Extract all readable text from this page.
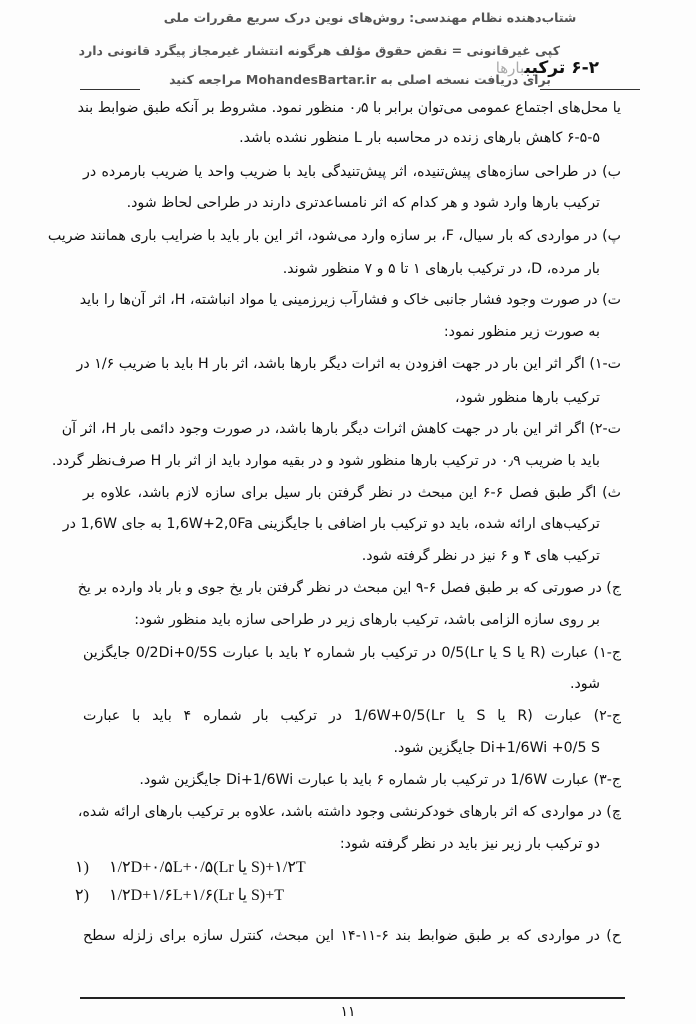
شتاب‌دهنده نظام مهندسی: روش‌های نوین درک سریع مقررات ملی
کپی غیرقانونی = نقض حقوق مؤلف هرگونه انتشار غیرمجاز پیگرد قانونی دارد
برای دریافت نسخه اصلی به MohandesBartar.ir مراجعه کنید
۶-۲ ترکیببارها
یا محل‌های اجتماع عمومی می‌توان برابر با ۰٫۵ منظور نمود. مشروط بر آنکه طبق ضوابط بند
۶-۵-۵ کاهش بارهای زنده در محاسبه بار L منظور نشده باشد.
ب) در طراحی سازه‌های پیش‌تنیده، اثر پیش‌تنیدگی باید با ضریب واحد یا ضریب بارمرده در
ترکیب بارها وارد شود و هر کدام که اثر نامساعدتری دارند در طراحی لحاظ شود.
پ) در مواردی که بار سیال، F، بر سازه وارد می‌شود، اثر این بار باید با ضرایب باری همانند ضریب
بار مرده، D، در ترکیب بارهای ۱ تا ۵ و ۷ منظور شوند.
ت) در صورت وجود فشار جانبی خاک و فشارآب زیرزمینی یا مواد انباشته، H، اثر آن‌ها را باید
به صورت زیر منظور نمود:
ت-۱) اگر اثر این بار در جهت افزودن به اثرات دیگر بارها باشد، اثر بار H باید با ضریب ۱/۶ در
ترکیب بارها منظور شود،
ت-۲) اگر اثر این بار در جهت کاهش اثرات دیگر بارها باشد، در صورت وجود دائمی بار H، اثر آن
باید با ضریب ۰٫۹ در ترکیب بارها منظور شود و در بقیه موارد باید از اثر بار H صرف‌نظر گردد.
ث) اگر طبق فصل ۶-۶ این مبحث در نظر گرفتن بار سیل برای سازه لازم باشد، علاوه بر
ترکیب‌های ارائه شده، باید دو ترکیب بار اضافی با جایگزینی 1,6W+2,0Fa به جای 1,6W در
ترکیب های ۴ و ۶ نیز در نظر گرفته شود.
ج) در صورتی که بر طبق فصل ۶-۹ این مبحث در نظر گرفتن بار یخ جوی و بار باد وارده بر یخ
بر روی سازه الزامی باشد، ترکیب بارهای زیر در طراحی سازه باید منظور شود:
ج-۱) عبارت (R یا S یا Lr)0/5 در ترکیب بار شماره ۲ باید با عبارت 0/2Di+0/5S جایگزین
شود.
ج-۲) عبارت (R یا S یا Lr)1/6W+0/5 در ترکیب بار شماره ۴ باید با عبارت
Di+1/6Wi +0/5 S جایگزین شود.
ج-۳) عبارت 1/6W در ترکیب بار شماره ۶ باید با عبارت Di+1/6Wi جایگزین شود.
چ) در مواردی که اثر بارهای خودکرنشی وجود داشته باشد، علاوه بر ترکیب بارهای ارائه شده،
دو ترکیب بار زیر نیز باید در نظر گرفته شود:
۱) ۱/۲D+۰/۵L+۰/۵(Lr یا S)+۱/۲T
۲) ۱/۲D+۱/۶L+۱/۶(Lr یا S)+T
ح) در مواردی که بر طبق ضوابط بند ۶-۱۱-۱۴ این مبحث، کنترل سازه برای زلزله سطح
۱۱
